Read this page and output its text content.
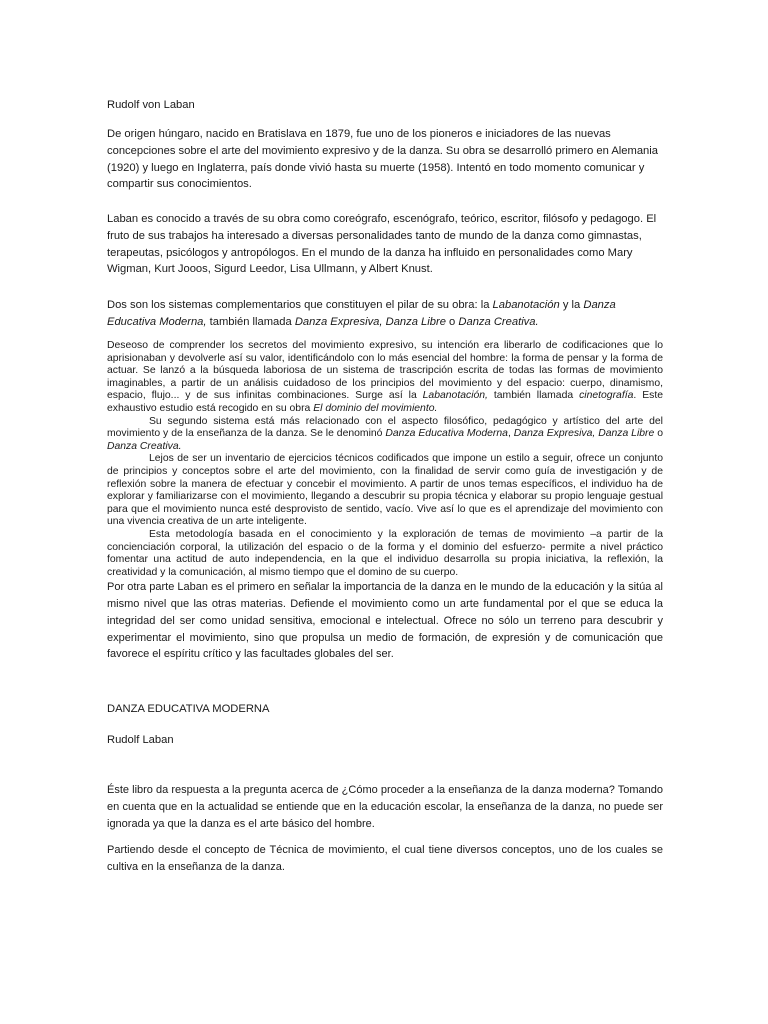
Rudolf von Laban

De origen húngaro, nacido en Bratislava en 1879, fue uno de los pioneros e iniciadores de las nuevas concepciones sobre el arte del movimiento expresivo y de la danza. Su obra se desarrolló primero en Alemania (1920) y luego en Inglaterra, país donde vivió hasta su muerte (1958). Intentó en todo momento comunicar y compartir sus conocimientos.

Laban es conocido a través de su obra como coreógrafo, escenógrafo, teórico, escritor, filósofo y pedagogo. El fruto de sus trabajos ha interesado a diversas personalidades tanto de mundo de la danza como gimnastas, terapeutas, psicólogos y antropólogos. En el mundo de la danza ha influido en personalidades como Mary Wigman, Kurt Jooos, Sigurd Leedor, Lisa Ullmann, y Albert Knust.

Dos son los sistemas complementarios que constituyen el pilar de su obra: la Labanotación y la Danza Educativa Moderna, también llamada Danza Expresiva, Danza Libre o Danza Creativa.

Deseoso de comprender los secretos del movimiento expresivo, su intención era liberarlo de codificaciones que lo aprisionaban y devolverle así su valor, identificándolo con lo más esencial del hombre: la forma de pensar y la forma de actuar. Se lanzó a la búsqueda laboriosa de un sistema de trascripción escrita de todas las formas de movimiento imaginables, a partir de un análisis cuidadoso de los principios del movimiento y del espacio: cuerpo, dinamismo, espacio, flujo... y de sus infinitas combinaciones. Surge así la Labanotación, también llamada cinetografía. Este exhaustivo estudio está recogido en su obra El dominio del movimiento.

Su segundo sistema está más relacionado con el aspecto filosófico, pedagógico y artístico del arte del movimiento y de la enseñanza de la danza. Se le denominó Danza Educativa Moderna, Danza Expresiva, Danza Libre o Danza Creativa.

Lejos de ser un inventario de ejercicios técnicos codificados que impone un estilo a seguir, ofrece un conjunto de principios y conceptos sobre el arte del movimiento, con la finalidad de servir como guía de investigación y de reflexión sobre la manera de efectuar y concebir el movimiento. A partir de unos temas específicos, el individuo ha de explorar y familiarizarse con el movimiento, llegando a descubrir su propia técnica y elaborar su propio lenguaje gestual para que el movimiento nunca esté desprovisto de sentido, vacío. Vive así lo que es el aprendizaje del movimiento con una vivencia creativa de un arte inteligente.

Esta metodología basada en el conocimiento y la exploración de temas de movimiento –a partir de la concienciación corporal, la utilización del espacio o de la forma y el dominio del esfuerzo- permite a nivel práctico fomentar una actitud de auto independencia, en la que el individuo desarrolla su propia iniciativa, la reflexión, la creatividad y la comunicación, al mismo tiempo que el domino de su cuerpo.

Por otra parte Laban es el primero en señalar la importancia de la danza en le mundo de la educación y la sitúa al mismo nivel que las otras materias. Defiende el movimiento como un arte fundamental por el que se educa la integridad del ser como unidad sensitiva, emocional e intelectual. Ofrece no sólo un terreno para descubrir y experimentar el movimiento, sino que propulsa un medio de formación, de expresión y de comunicación que favorece el espíritu crítico y las facultades globales del ser.

DANZA EDUCATIVA MODERNA

Rudolf Laban

Éste libro da respuesta a la pregunta acerca de ¿Cómo proceder a la enseñanza de la danza moderna? Tomando en cuenta que en la actualidad se entiende que en la educación escolar, la enseñanza de la danza, no puede ser ignorada ya que la danza es el arte básico del hombre.

Partiendo desde el concepto de Técnica de movimiento, el cual tiene diversos conceptos, uno de los cuales se cultiva en la enseñanza de la danza.
